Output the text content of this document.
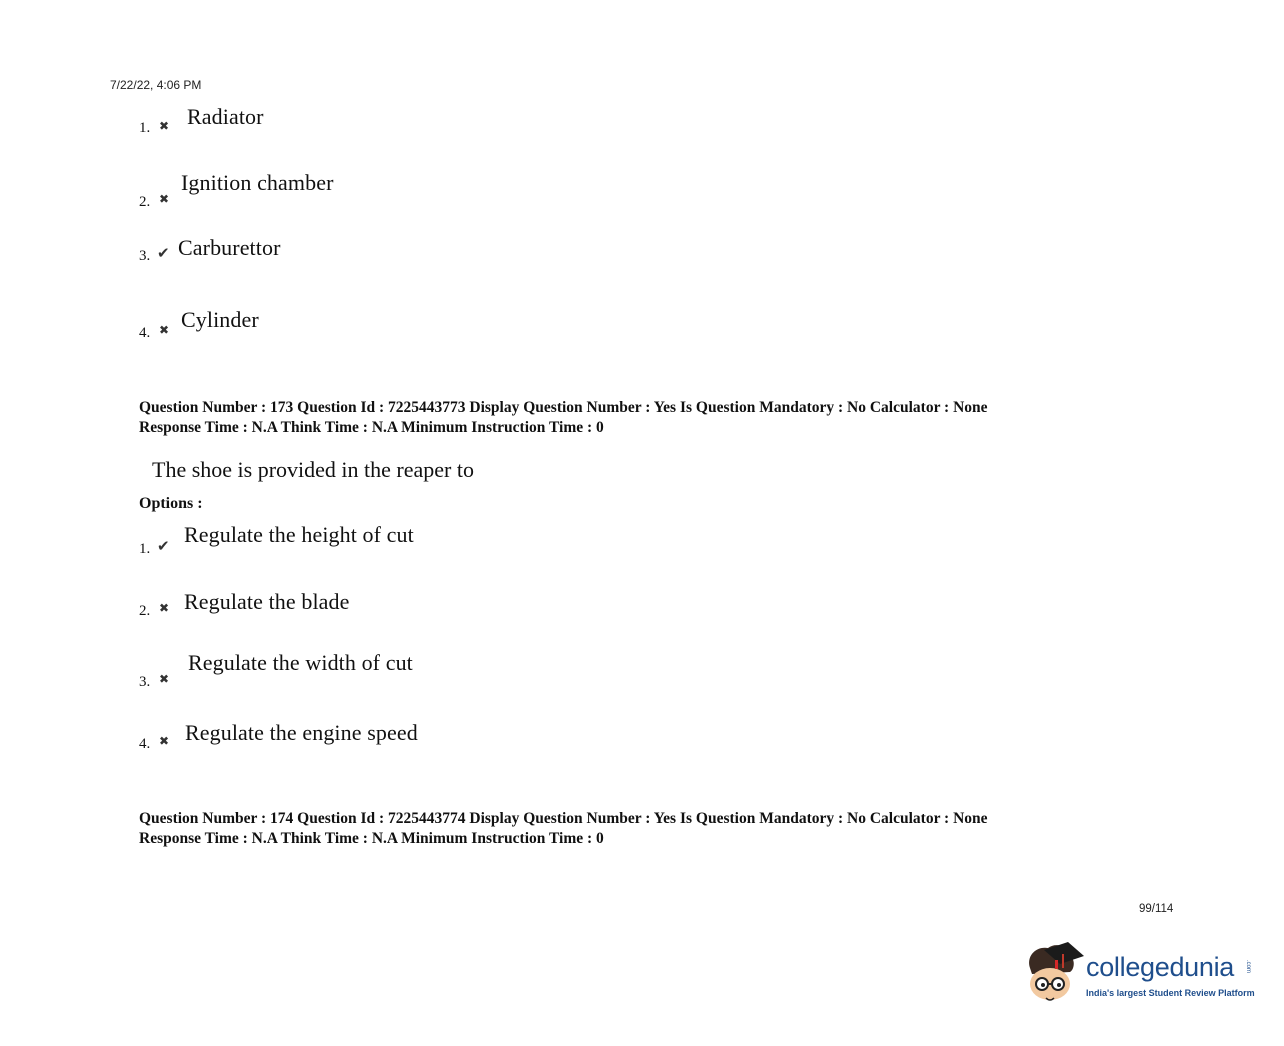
7/22/22, 4:06 PM
1. ✖ Radiator
2. ✖
Ignition chamber
3. ✔ Carburettor
4. ✖ Cylinder
Question Number : 173 Question Id : 7225443773 Display Question Number : Yes Is Question Mandatory : No Calculator : None
Response Time : N.A Think Time : N.A Minimum Instruction Time : 0
The shoe is provided in the reaper to
Options :
1. ✔ Regulate the height of cut
2. ✖ Regulate the blade
3. ✖
Regulate the width of cut
4. ✖ Regulate the engine speed
Question Number : 174 Question Id : 7225443774 Display Question Number : Yes Is Question Mandatory : No Calculator : None
Response Time : N.A Think Time : N.A Minimum Instruction Time : 0
99/114
collegedunia .com
India's largest Student Review Platform
